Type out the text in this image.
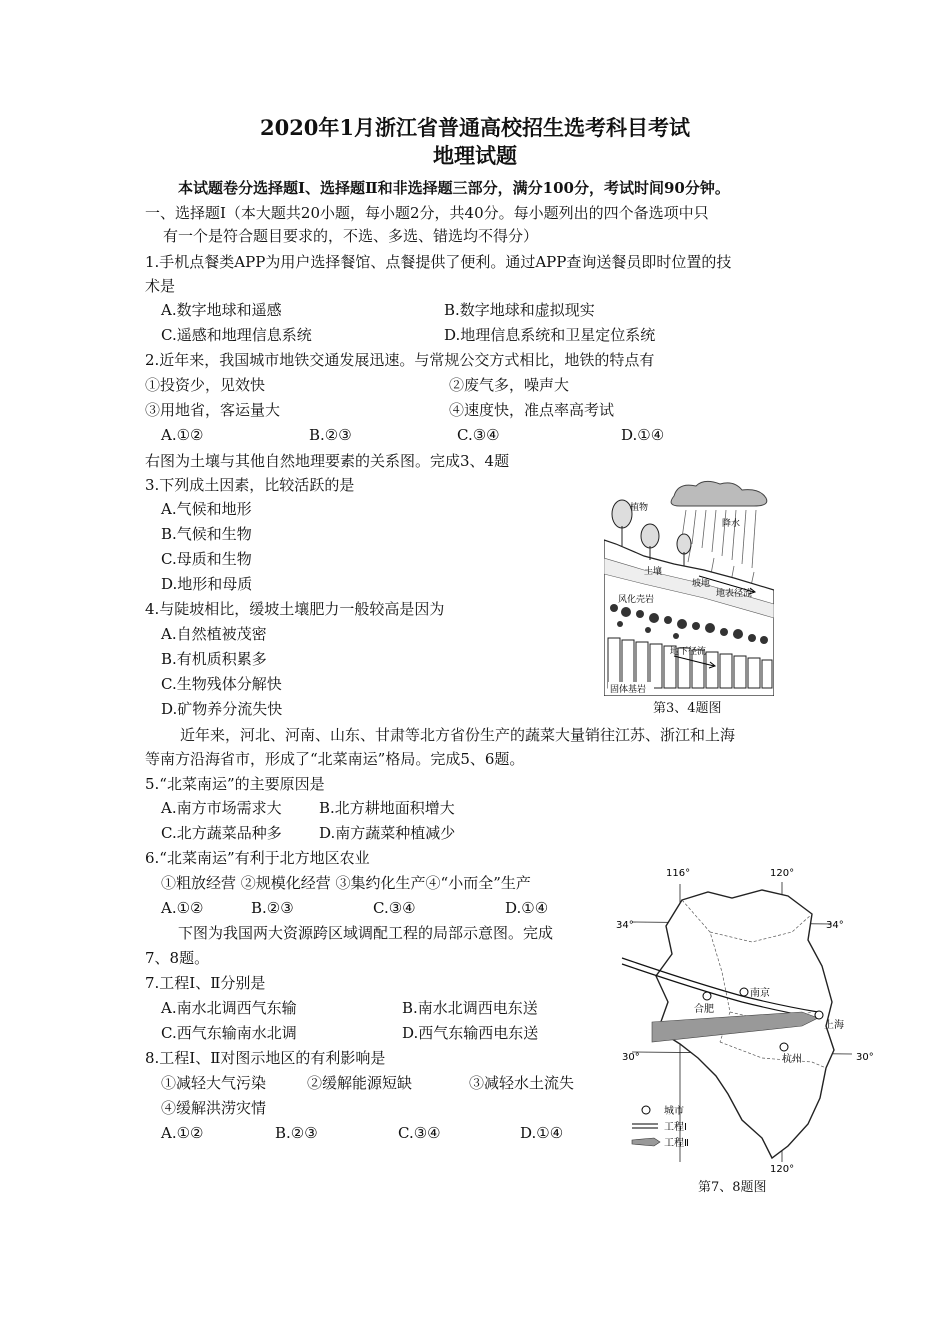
2020年1月浙江省普通高校招生选考科目考试
地理试题
本试题卷分选择题Ⅰ、选择题Ⅱ和非选择题三部分，满分100分，考试时间90分钟。
一、选择题Ⅰ（本大题共20小题，每小题2分，共40分。每小题列出的四个备选项中只
有一个是符合题目要求的，不选、多选、错选均不得分）
1.手机点餐类APP为用户选择餐馆、点餐提供了便利。通过APP查询送餐员即时位置的技
术是
A.数字地球和遥感	B.数字地球和虚拟现实
C.遥感和地理信息系统	D.地理信息系统和卫星定位系统
2.近年来，我国城市地铁交通发展迅速。与常规公交方式相比，地铁的特点有
①投资少，见效快	②废气多，噪声大
③用地省，客运量大	④速度快，准点率高考试
A.①②	B.②③	C.③④	D.①④
右图为土壤与其他自然地理要素的关系图。完成3、4题
3.下列成土因素，比较活跃的是
A.气候和地形
B.气候和生物
C.母质和生物
D.地形和母质
4.与陡坡相比，缓坡土壤肥力一般较高是因为
A.自然植被茂密
B.有机质积累多
C.生物残体分解快
D.矿物养分流失快
降水
植物
土壤
坡地
地表径流
风化壳岩
地下径流
固体基岩
第3、4题图
近年来，河北、河南、山东、甘肃等北方省份生产的蔬菜大量销往江苏、浙江和上海
等南方沿海省市，形成了“北菜南运”格局。完成5、6题。
5.“北菜南运”的主要原因是
A.南方市场需求大 B.北方耕地面积增大
C.北方蔬菜品种多 D.南方蔬菜种植减少
6.“北菜南运”有利于北方地区农业
①粗放经营 ②规模化经营 ③集约化生产④“小而全”生产
A.①②	B.②③	C.③④	D.①④
下图为我国两大资源跨区域调配工程的局部示意图。完成
7、8题。
7.工程Ⅰ、Ⅱ分别是
A.南水北调西气东输	B.南水北调西电东送
C.西气东输南水北调	D.西气东输西电东送
8.工程Ⅰ、Ⅱ对图示地区的有利影响是
①减轻大气污染	②缓解能源短缺	③减轻水土流失
④缓解洪涝灾情
A.①②	B.②③	C.③④	D.①④
116°	120°
34°	34°
30°	30°
120°
南京
合肥
上海
杭州
城市
工程Ⅰ
工程Ⅱ
第7、8题图
